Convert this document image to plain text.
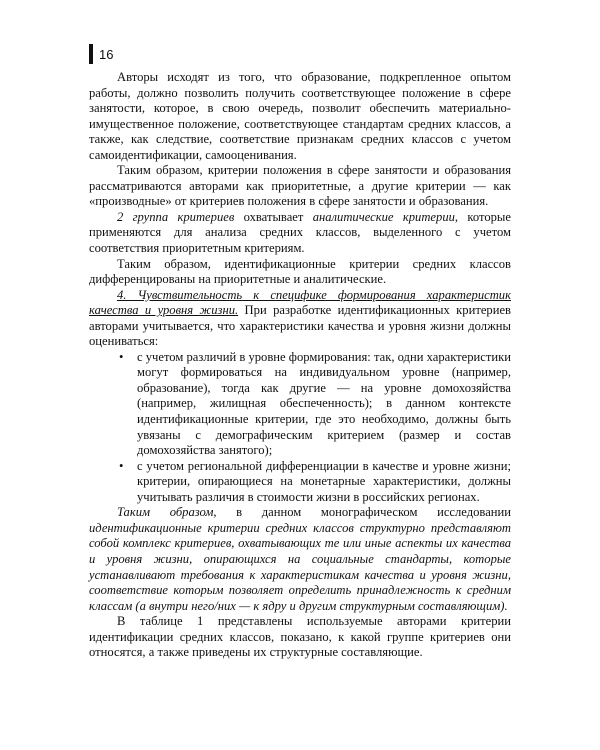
16

Авторы исходят из того, что образование, подкрепленное опытом работы, должно позволить получить соответствующее положение в сфере занятости, которое, в свою очередь, позволит обеспечить материально-имущественное положение, соответствующее стандартам средних классов, а также, как следствие, соответствие признакам средних классов с учетом самоидентификации, самооценивания.

Таким образом, критерии положения в сфере занятости и образования рассматриваются авторами как приоритетные, а другие критерии — как «производные» от критериев положения в сфере занятости и образования.

2 группа критериев охватывает аналитические критерии, которые применяются для анализа средних классов, выделенного с учетом соответствия приоритетным критериям.

Таким образом, идентификационные критерии средних классов дифференцированы на приоритетные и аналитические.

4. Чувствительность к специфике формирования характеристик качества и уровня жизни. При разработке идентификационных критериев авторами учитывается, что характеристики качества и уровня жизни должны оцениваться:

• с учетом различий в уровне формирования: так, одни характеристики могут формироваться на индивидуальном уровне (например, образование), тогда как другие — на уровне домохозяйства (например, жилищная обеспеченность); в данном контексте идентификационные критерии, где это необходимо, должны быть увязаны с демографическим критерием (размер и состав домохозяйства занятого);
• с учетом региональной дифференциации в качестве и уровне жизни; критерии, опирающиеся на монетарные характеристики, должны учитывать различия в стоимости жизни в российских регионах.

Таким образом, в данном монографическом исследовании идентификационные критерии средних классов структурно представляют собой комплекс критериев, охватывающих те или иные аспекты их качества и уровня жизни, опирающихся на социальные стандарты, которые устанавливают требования к характеристикам качества и уровня жизни, соответствие которым позволяет определить принадлежность к средним классам (а внутри него/них — к ядру и другим структурным составляющим).

В таблице 1 представлены используемые авторами критерии идентификации средних классов, показано, к какой группе критериев они относятся, а также приведены их структурные составляющие.
